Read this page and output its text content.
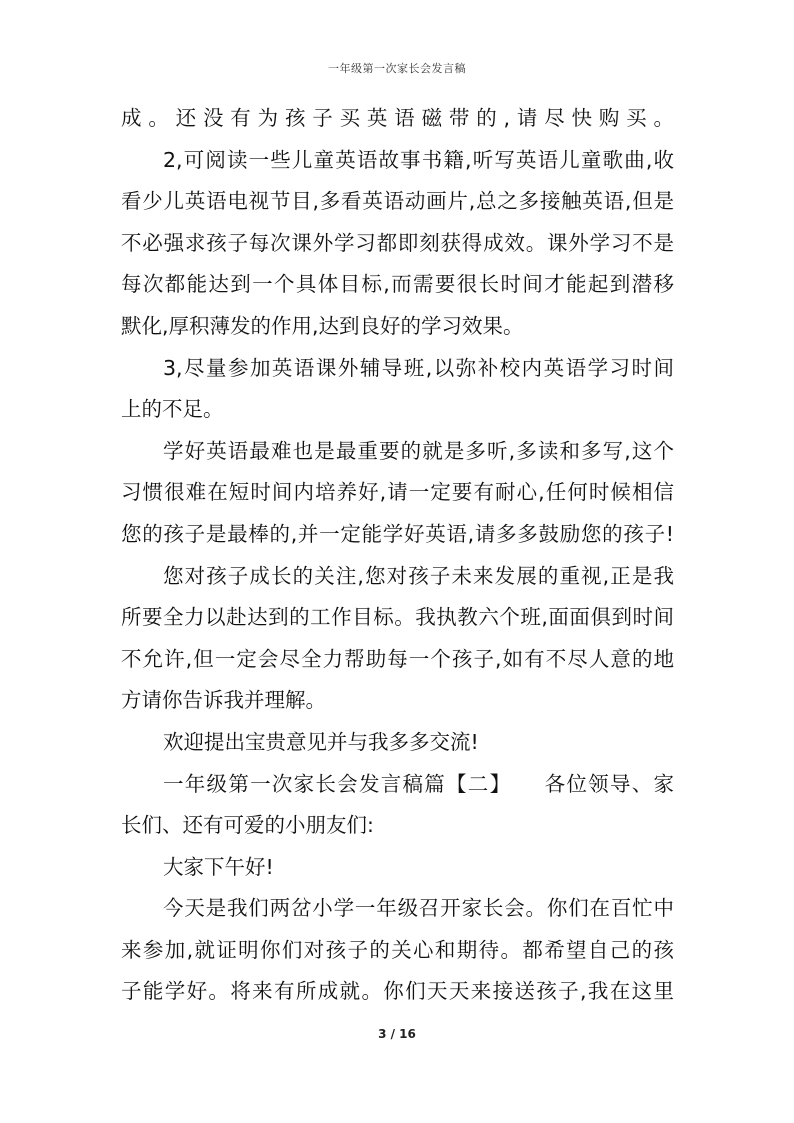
一年级第一次家长会发言稿
成。还没有为孩子买英语磁带的,请尽快购买。
2,可阅读一些儿童英语故事书籍,听写英语儿童歌曲,收
看少儿英语电视节目,多看英语动画片,总之多接触英语,但是
不必强求孩子每次课外学习都即刻获得成效。课外学习不是
每次都能达到一个具体目标,而需要很长时间才能起到潜移
默化,厚积薄发的作用,达到良好的学习效果。
3,尽量参加英语课外辅导班,以弥补校内英语学习时间
上的不足。
学好英语最难也是最重要的就是多听,多读和多写,这个
习惯很难在短时间内培养好,请一定要有耐心,任何时候相信
您的孩子是最棒的,并一定能学好英语,请多多鼓励您的孩子!
您对孩子成长的关注,您对孩子未来发展的重视,正是我
所要全力以赴达到的工作目标。我执教六个班,面面俱到时间
不允许,但一定会尽全力帮助每一个孩子,如有不尽人意的地
方请你告诉我并理解。
欢迎提出宝贵意见并与我多多交流!
一年级第一次家长会发言稿篇【二】　　各位领导、家
长们、还有可爱的小朋友们:
大家下午好!
今天是我们两岔小学一年级召开家长会。你们在百忙中
来参加,就证明你们对孩子的关心和期待。都希望自己的孩
子能学好。将来有所成就。你们天天来接送孩子,我在这里
3 / 16
